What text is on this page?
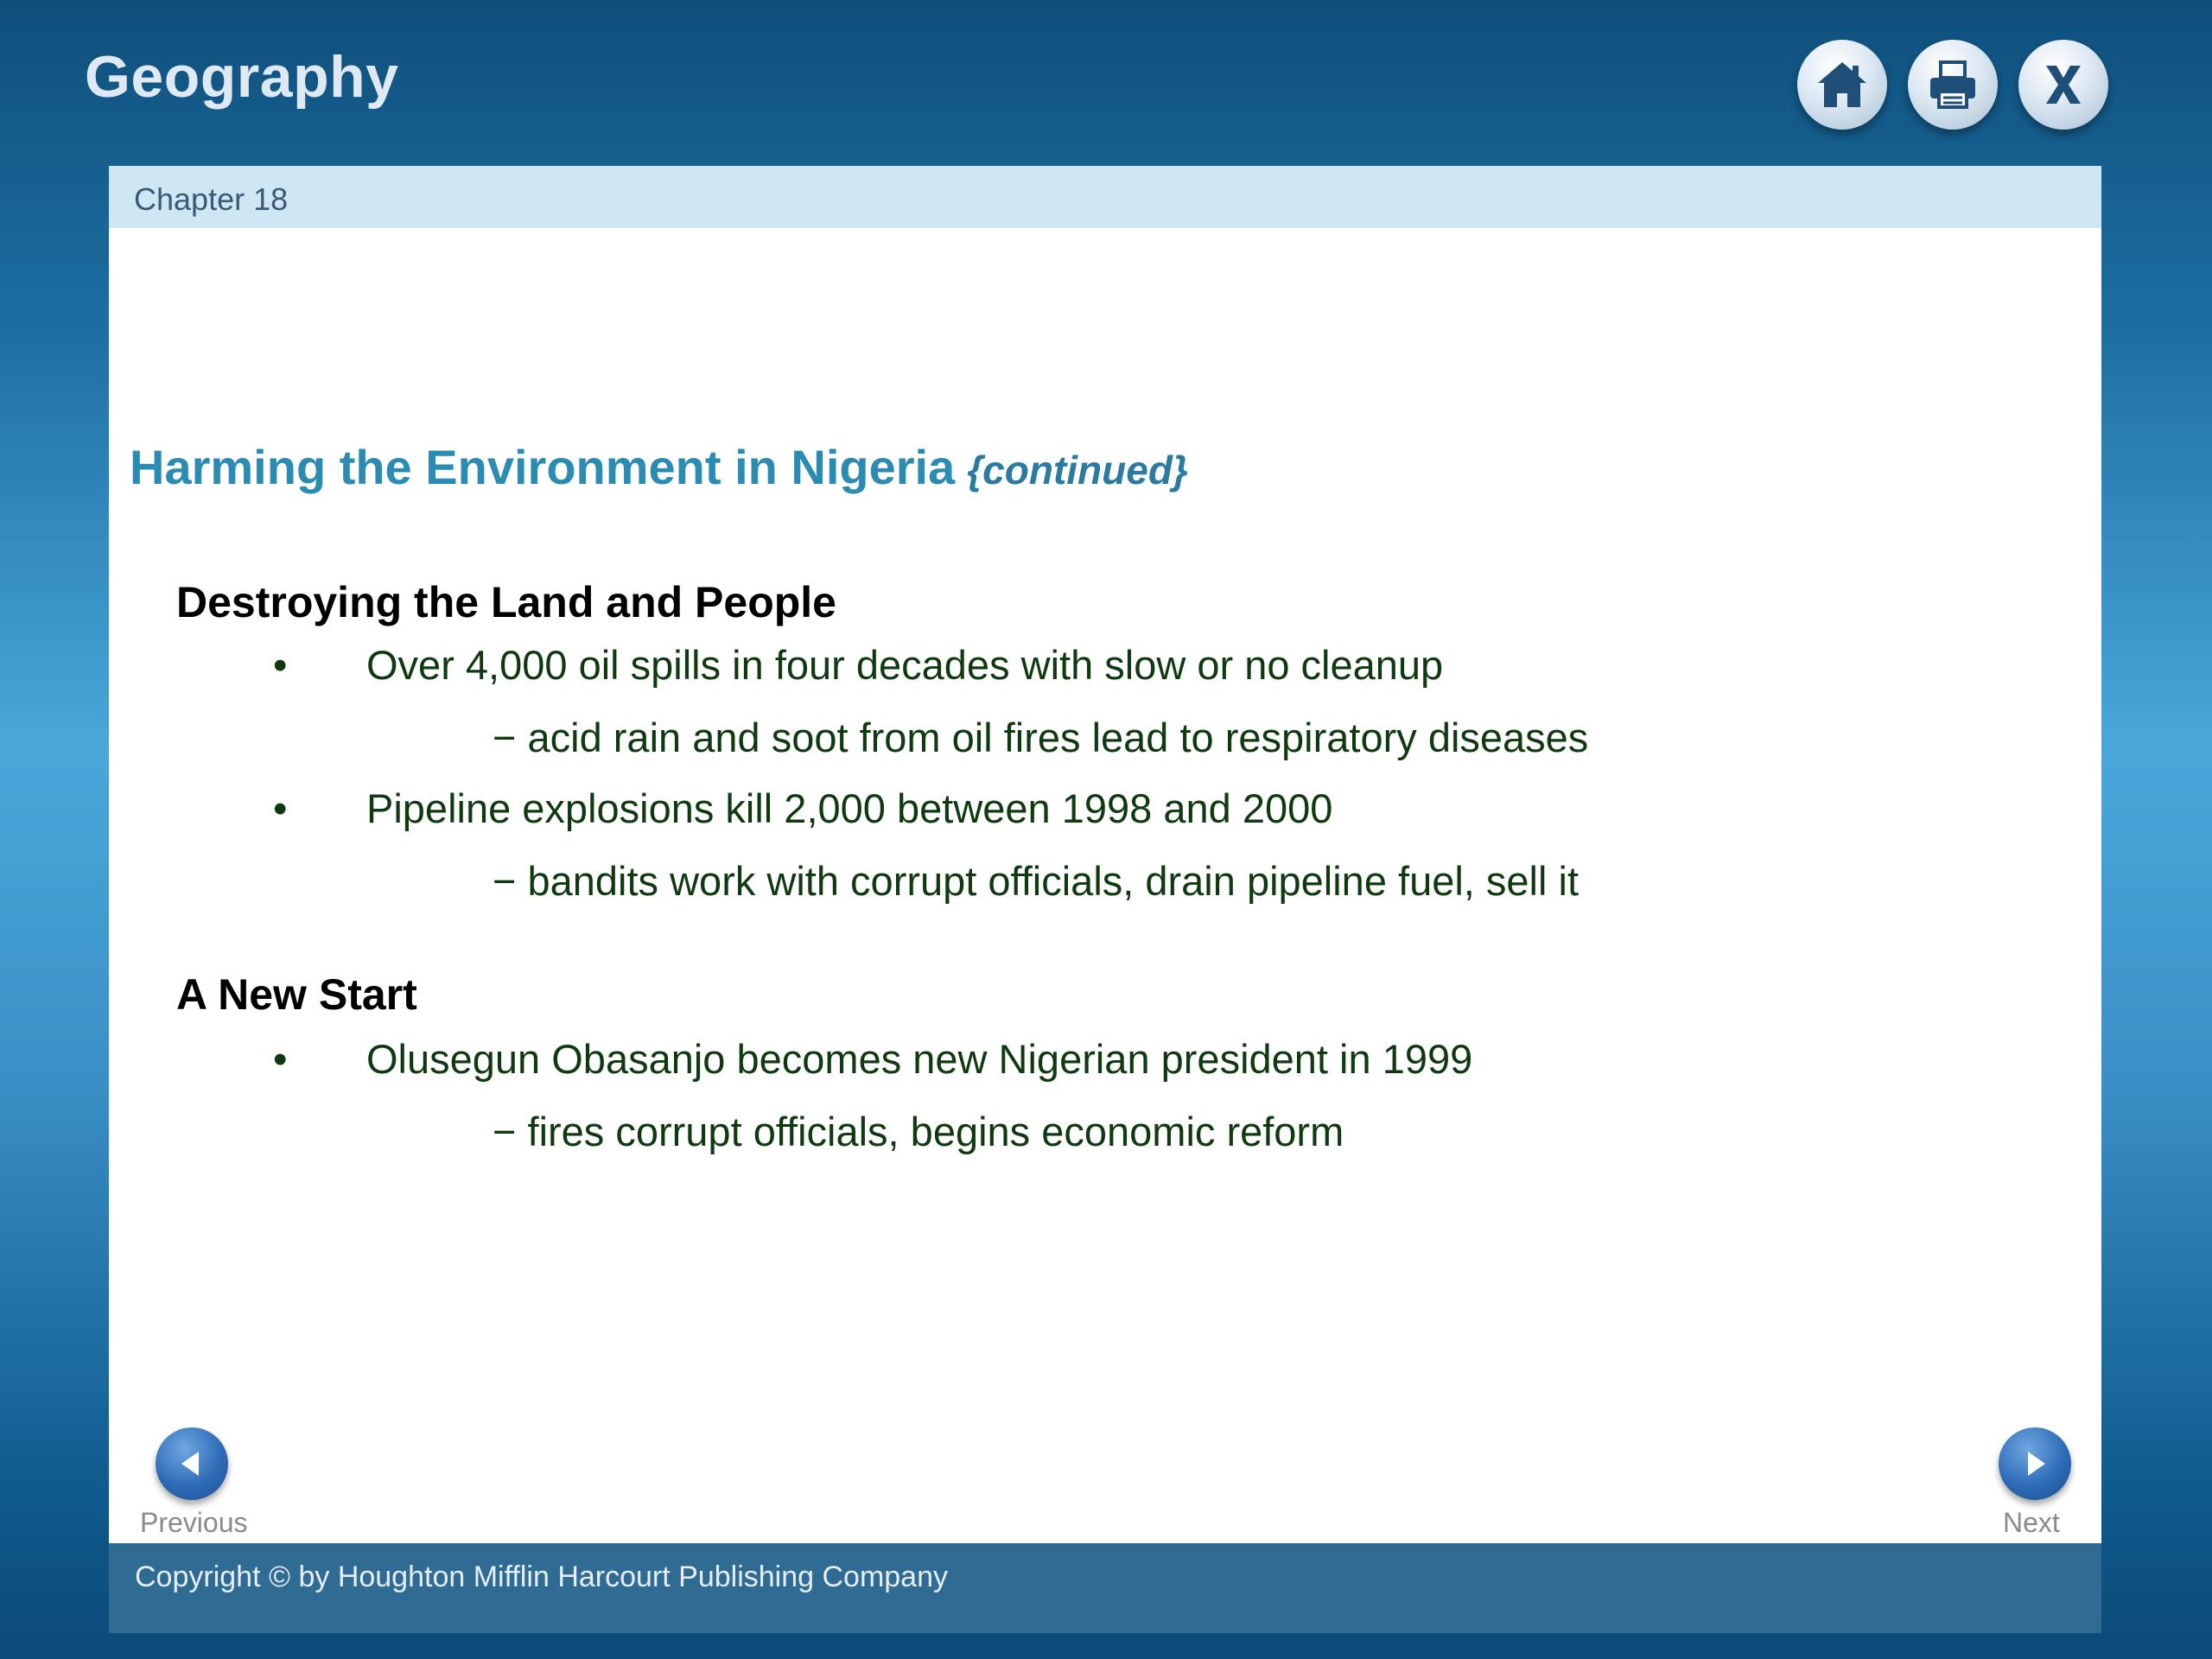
Geography
Chapter 18
Harming the Environment in Nigeria {continued}
Destroying the Land and People
• Over 4,000 oil spills in four decades with slow or no cleanup
− acid rain and soot from oil fires lead to respiratory diseases
• Pipeline explosions kill 2,000 between 1998 and 2000
− bandits work with corrupt officials, drain pipeline fuel, sell it
A New Start
• Olusegun Obasanjo becomes new Nigerian president in 1999
− fires corrupt officials, begins economic reform
Previous	Next
Copyright © by Houghton Mifflin Harcourt Publishing Company
